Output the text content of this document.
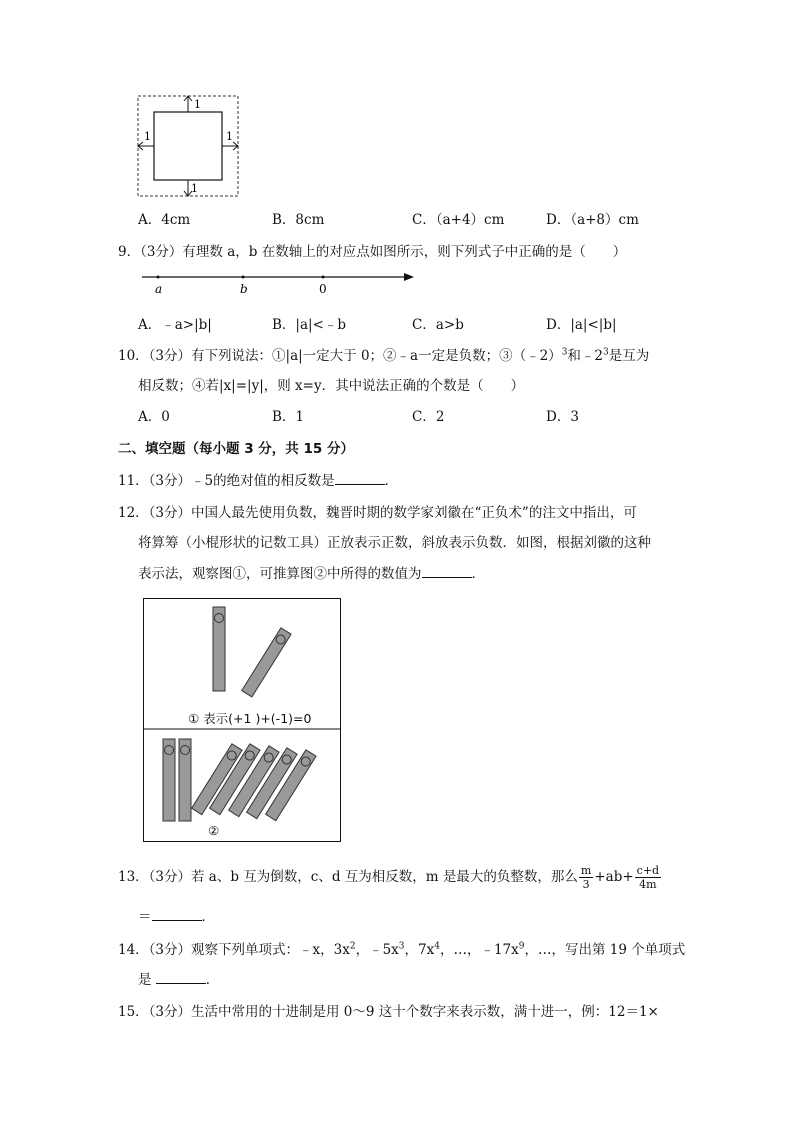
1
1	1
1
A．4cm	B．8cm	C．（a+4）cm	D．（a+8）cm
9．（3分）有理数 a，b 在数轴上的对应点如图所示，则下列式子中正确的是（　　）
a	b	0
A．﹣a>|b|	B．|a|<﹣b	C．a>b	D．|a|<|b|
10．（3分）有下列说法：①|a|一定大于 0；②﹣a一定是负数；③（﹣2）$^3$和$﹣2^3$是互为
相反数；④若|x|=|y|，则 x=y．其中说法正确的个数是（　　）
A．0	B．1	C．2	D．3
二、填空题（每小题 3 分，共 15 分）
11．（3分）﹣5的绝对值的相反数是	．
12．（3分）中国人最先使用负数，魏晋时期的数学家刘徽在“正负术”的注文中指出，可
将算筹（小棍形状的记数工具）正放表示正数，斜放表示负数．如图，根据刘徽的这种
表示法，观察图①，可推算图②中所得的数值为	．
① 表示(+1 )+(-1)=0
②
13．（3分）若 a、b 互为倒数，c、d 互为相反数，m 是最大的负整数，那么 $\frac{m}{3} +ab+ \frac{c+d}{4m}$
＝	．
14．（3分）观察下列单项式：﹣x，$3x^2$，$﹣5x^3$，$7x^4$，…，$﹣17x^9$，…，写出第 19 个单项式
是	．
15．（3分）生活中常用的十进制是用 0～9 这十个数字来表示数，满十进一，例：12＝1×
